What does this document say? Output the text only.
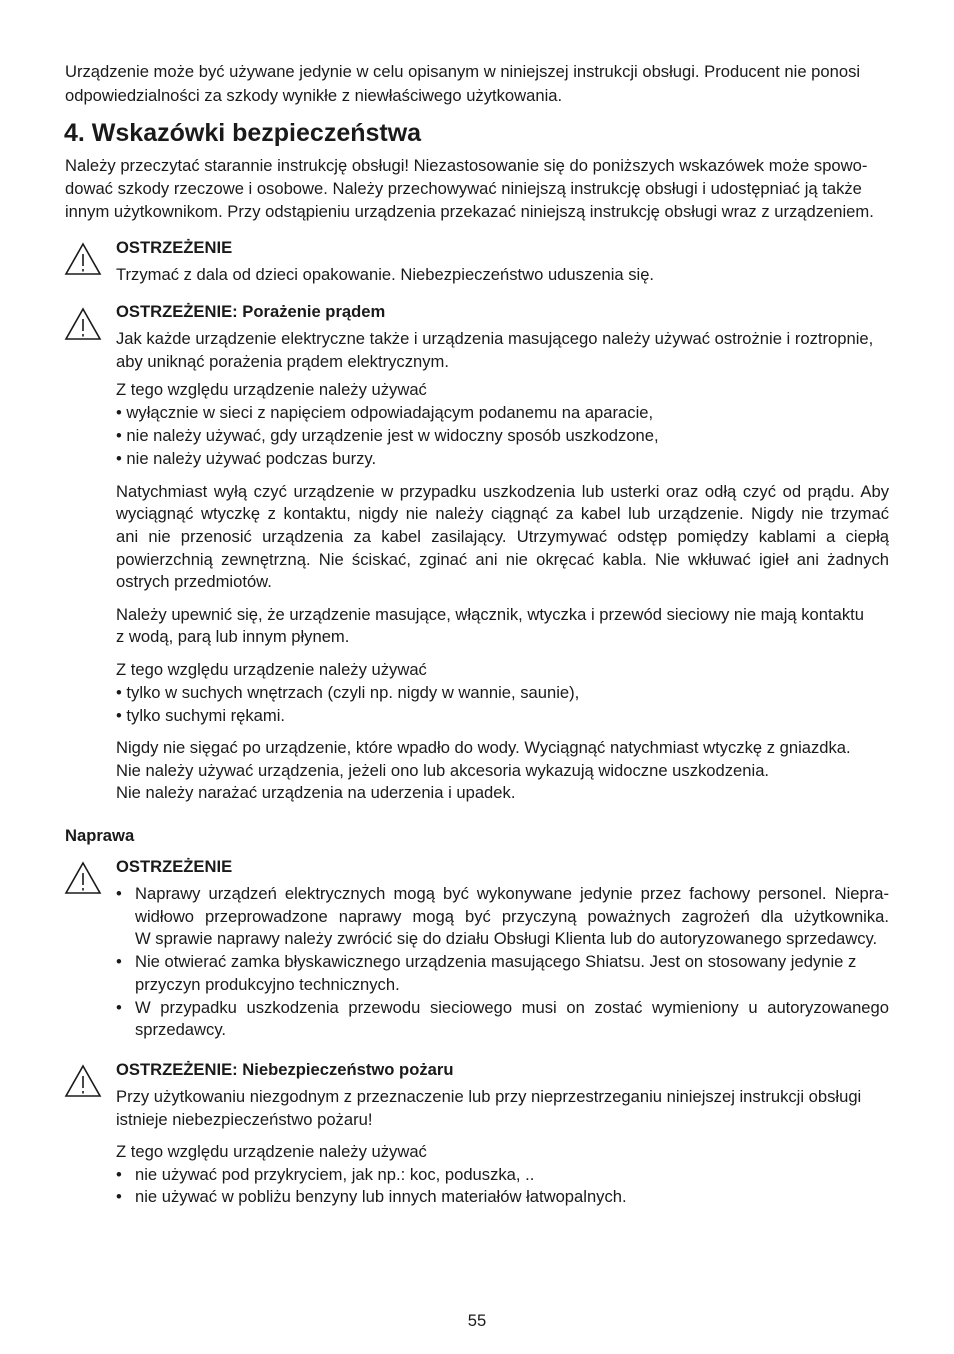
Urządzenie może być używane jedynie w celu opisanym w niniejszej instrukcji obsługi. Producent nie ponosi

odpowiedzialności za szkody wynikłe z niewłaściwego użytkowania.

4. Wskazówki bezpieczeństwa

Należy przeczytać starannie instrukcję obsługi! Niezastosowanie się do poniższych wskazówek może spowo-

dować szkody rzeczowe i osobowe. Należy przechowywać niniejszą instrukcję obsługi i udostępniać ją także

innym użytkownikom. Przy odstąpieniu urządzenia przekazać niniejszą instrukcję obsługi wraz z urządzeniem.

OSTRZEŻENIE

Trzymać z dala od dzieci opakowanie. Niebezpieczeństwo uduszenia się.

OSTRZEŻENIE: Porażenie prądem

Jak każde urządzenie elektryczne także i urządzenia masującego należy używać ostrożnie i roztropnie,

aby uniknąć porażenia prądem elektrycznym.

Z tego względu urządzenie należy używać

• wyłącznie w sieci z napięciem odpowiadającym podanemu na aparacie,

• nie należy używać, gdy urządzenie jest w widoczny sposób uszkodzone,

• nie należy używać podczas burzy.

Natychmiast wyłą czyć urządzenie w przypadku uszkodzenia lub usterki oraz odłą czyć od prądu. Aby

wyciągnąć wtyczkę z kontaktu, nigdy nie należy ciągnąć za kabel lub urządzenie. Nigdy nie trzymać

ani nie przenosić urządzenia za kabel zasilający. Utrzymywać odstęp pomiędzy kablami a ciepłą

powierzchnią zewnętrzną. Nie ściskać, zginać ani nie okręcać kabla. Nie wkłuwać igieł ani żadnych

ostrych przedmiotów.

Należy upewnić się, że urządzenie masujące, włącznik, wtyczka i przewód sieciowy nie mają kontaktu

z wodą, parą lub innym płynem.

Z tego względu urządzenie należy używać

• tylko w suchych wnętrzach (czyli np. nigdy w wannie, saunie),

• tylko suchymi rękami.

Nigdy nie sięgać po urządzenie, które wpadło do wody. Wyciągnąć natychmiast wtyczkę z gniazdka.

Nie należy używać urządzenia, jeżeli ono lub akcesoria wykazują widoczne uszkodzenia.

Nie należy narażać urządzenia na uderzenia i upadek.

Naprawa

OSTRZEŻENIE

• Naprawy urządzeń elektrycznych mogą być wykonywane jedynie przez fachowy personel. Niepra-

widłowo przeprowadzone naprawy mogą być przyczyną poważnych zagrożeń dla użytkownika.

W sprawie naprawy należy zwrócić się do działu Obsługi Klienta lub do autoryzowanego sprzedawcy.

• Nie otwierać zamka błyskawicznego urządzenia masującego Shiatsu. Jest on stosowany jedynie z

przyczyn produkcyjno technicznych.

• W przypadku uszkodzenia przewodu sieciowego musi on zostać wymieniony u autoryzowanego

sprzedawcy.

OSTRZEŻENIE: Niebezpieczeństwo pożaru

Przy użytkowaniu niezgodnym z przeznaczenie lub przy nieprzestrzeganiu niniejszej instrukcji obsługi

istnieje niebezpieczeństwo pożaru!

Z tego względu urządzenie należy używać

• nie używać pod przykryciem, jak np.: koc, poduszka, ..

• nie używać w pobliżu benzyny lub innych materiałów łatwopalnych.

55
